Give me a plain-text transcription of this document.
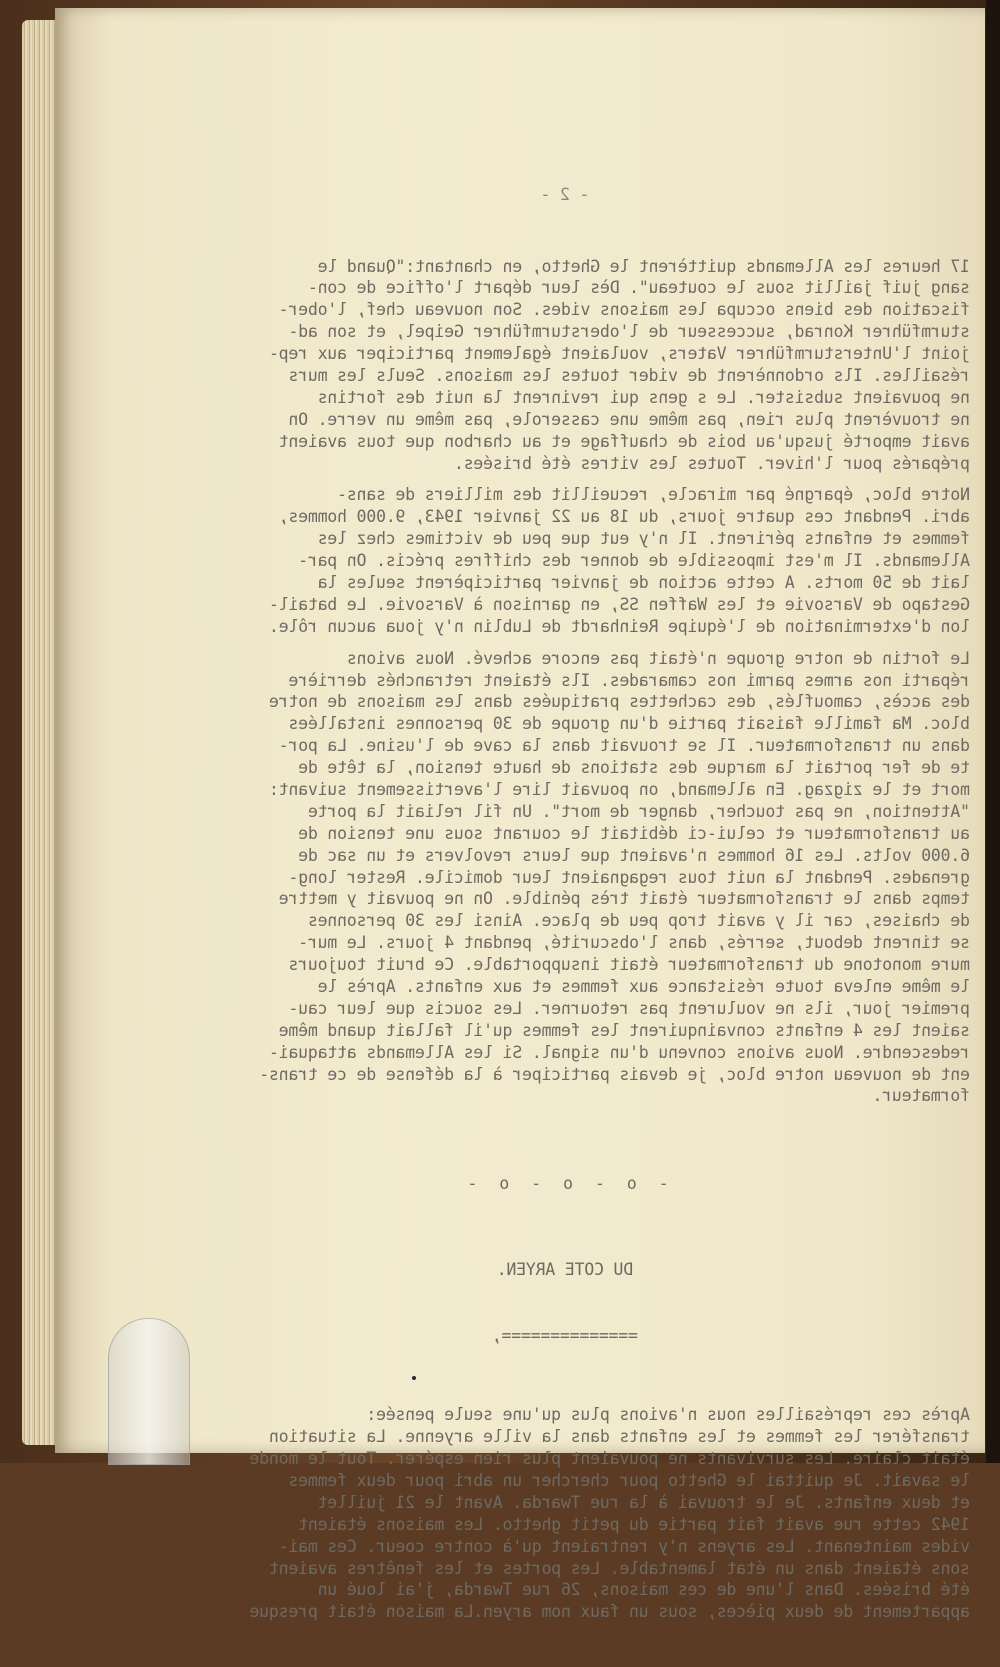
- 2 -

17 heures les Allemands quittèrent le Ghetto, en chantant:"Quand le
sang juif jaillit sous le couteau". Dès leur départ l'office de con-
fiscation des biens occupa les maisons vides. Son nouveau chef, l'ober-
sturmführer Konrad, successeur de l'obersturmführer Geipel, et son ad-
joint l'Untersturmführer Vaters, voulaient également participer aux rep-
résailles. Ils ordonnèrent de vider toutes les maisons. Seuls les murs
ne pouvaient subsister. Le s gens qui revinrent la nuit des fortins
ne trouvèrent plus rien, pas même une casserole, pas même un verre. On
avait emporté jusqu'au bois de chauffage et au charbon que tous avaient
préparés pour l'hiver. Toutes les vitres été brisées.
Notre bloc, épargné par miracle, recueillit des milliers de sans-
abri. Pendant ces quatre jours, du 18 au 22 janvier 1943, 9.000 hommes,
femmes et enfants périrent. Il n'y eut que peu de victimes chez les
Allemands. Il m'est impossible de donner des chiffres précis. On par-
lait de 50 morts. A cette action de janvier participèrent seules la
Gestapo de Varsovie et les Waffen SS, en garnison à Varsovie. Le batail-
lon d'extermination de l'équipe Reinhardt de Lublin n'y joua aucun rôle.
Le fortin de notre groupe n'était pas encore achevé. Nous avions
réparti nos armes parmi nos camarades. Ils étaient retranchés derrière
des accès, camouflés, des cachettes pratiquées dans les maisons de notre
bloc. Ma famille faisait partie d'un groupe de 30 personnes installées
dans un transformateur. Il se trouvait dans la cave de l'usine. La por-
te de fer portait la marque des stations de haute tension, la tête de
mort et le zigzag. En allemand, on pouvait lire l'avertissement suivant:
"Attention, ne pas toucher, danger de mort". Un fil reliait la porte
au transformateur et celui-ci débitait le courant sous une tension de
6.000 volts. Les 16 hommes n'avaient que leurs revolvers et un sac de
grenades. Pendant la nuit tous regagnaient leur domicile. Rester long-
temps dans le transformateur était très pénible. On ne pouvait y mettre
de chaises, car il y avait trop peu de place. Ainsi les 30 personnes
se tinrent debout, serrés, dans l'obscurité, pendant 4 jours. Le mur-
mure monotone du transformateur était insupportable. Ce bruit toujours
le même enleva toute résistance aux femmes et aux enfants. Après le
premier jour, ils ne voulurent pas retourner. Les soucis que leur cau-
saient les 4 enfants convainquirent les femmes qu'il fallait quand même
redescendre. Nous avions convenu d'un signal. Si les Allemands attaquai-
ent de nouveau notre bloc, je devais participer à la défense de ce trans-
formateur.

- o - o - o -

DU COTE ARYEN.

==============,

Après ces représailles nous n'avions plus qu'une seule pensée:
transférer les femmes et les enfants dans la ville aryenne. La situation
était claire. Les survivants ne pouvaient plus rien espérer. Tout le monde
le savait. Je quittai le Ghetto pour chercher un abri pour deux femmes
et deux enfants. Je le trouvai à la rue Twarda. Avant le 21 juillet
1942 cette rue avait fait partie du petit ghetto. Les maisons étaient
vides maintenant. Les aryens n'y rentraient qu'à contre coeur. Ces mai-
sons étaient dans un état lamentable. Les portes et les fenêtres avaient
été brisées. Dans l'une de ces maisons, 26 rue Twarda, j'ai loué un
appartement de deux pièces, sous un faux nom aryen.La maison était presque
